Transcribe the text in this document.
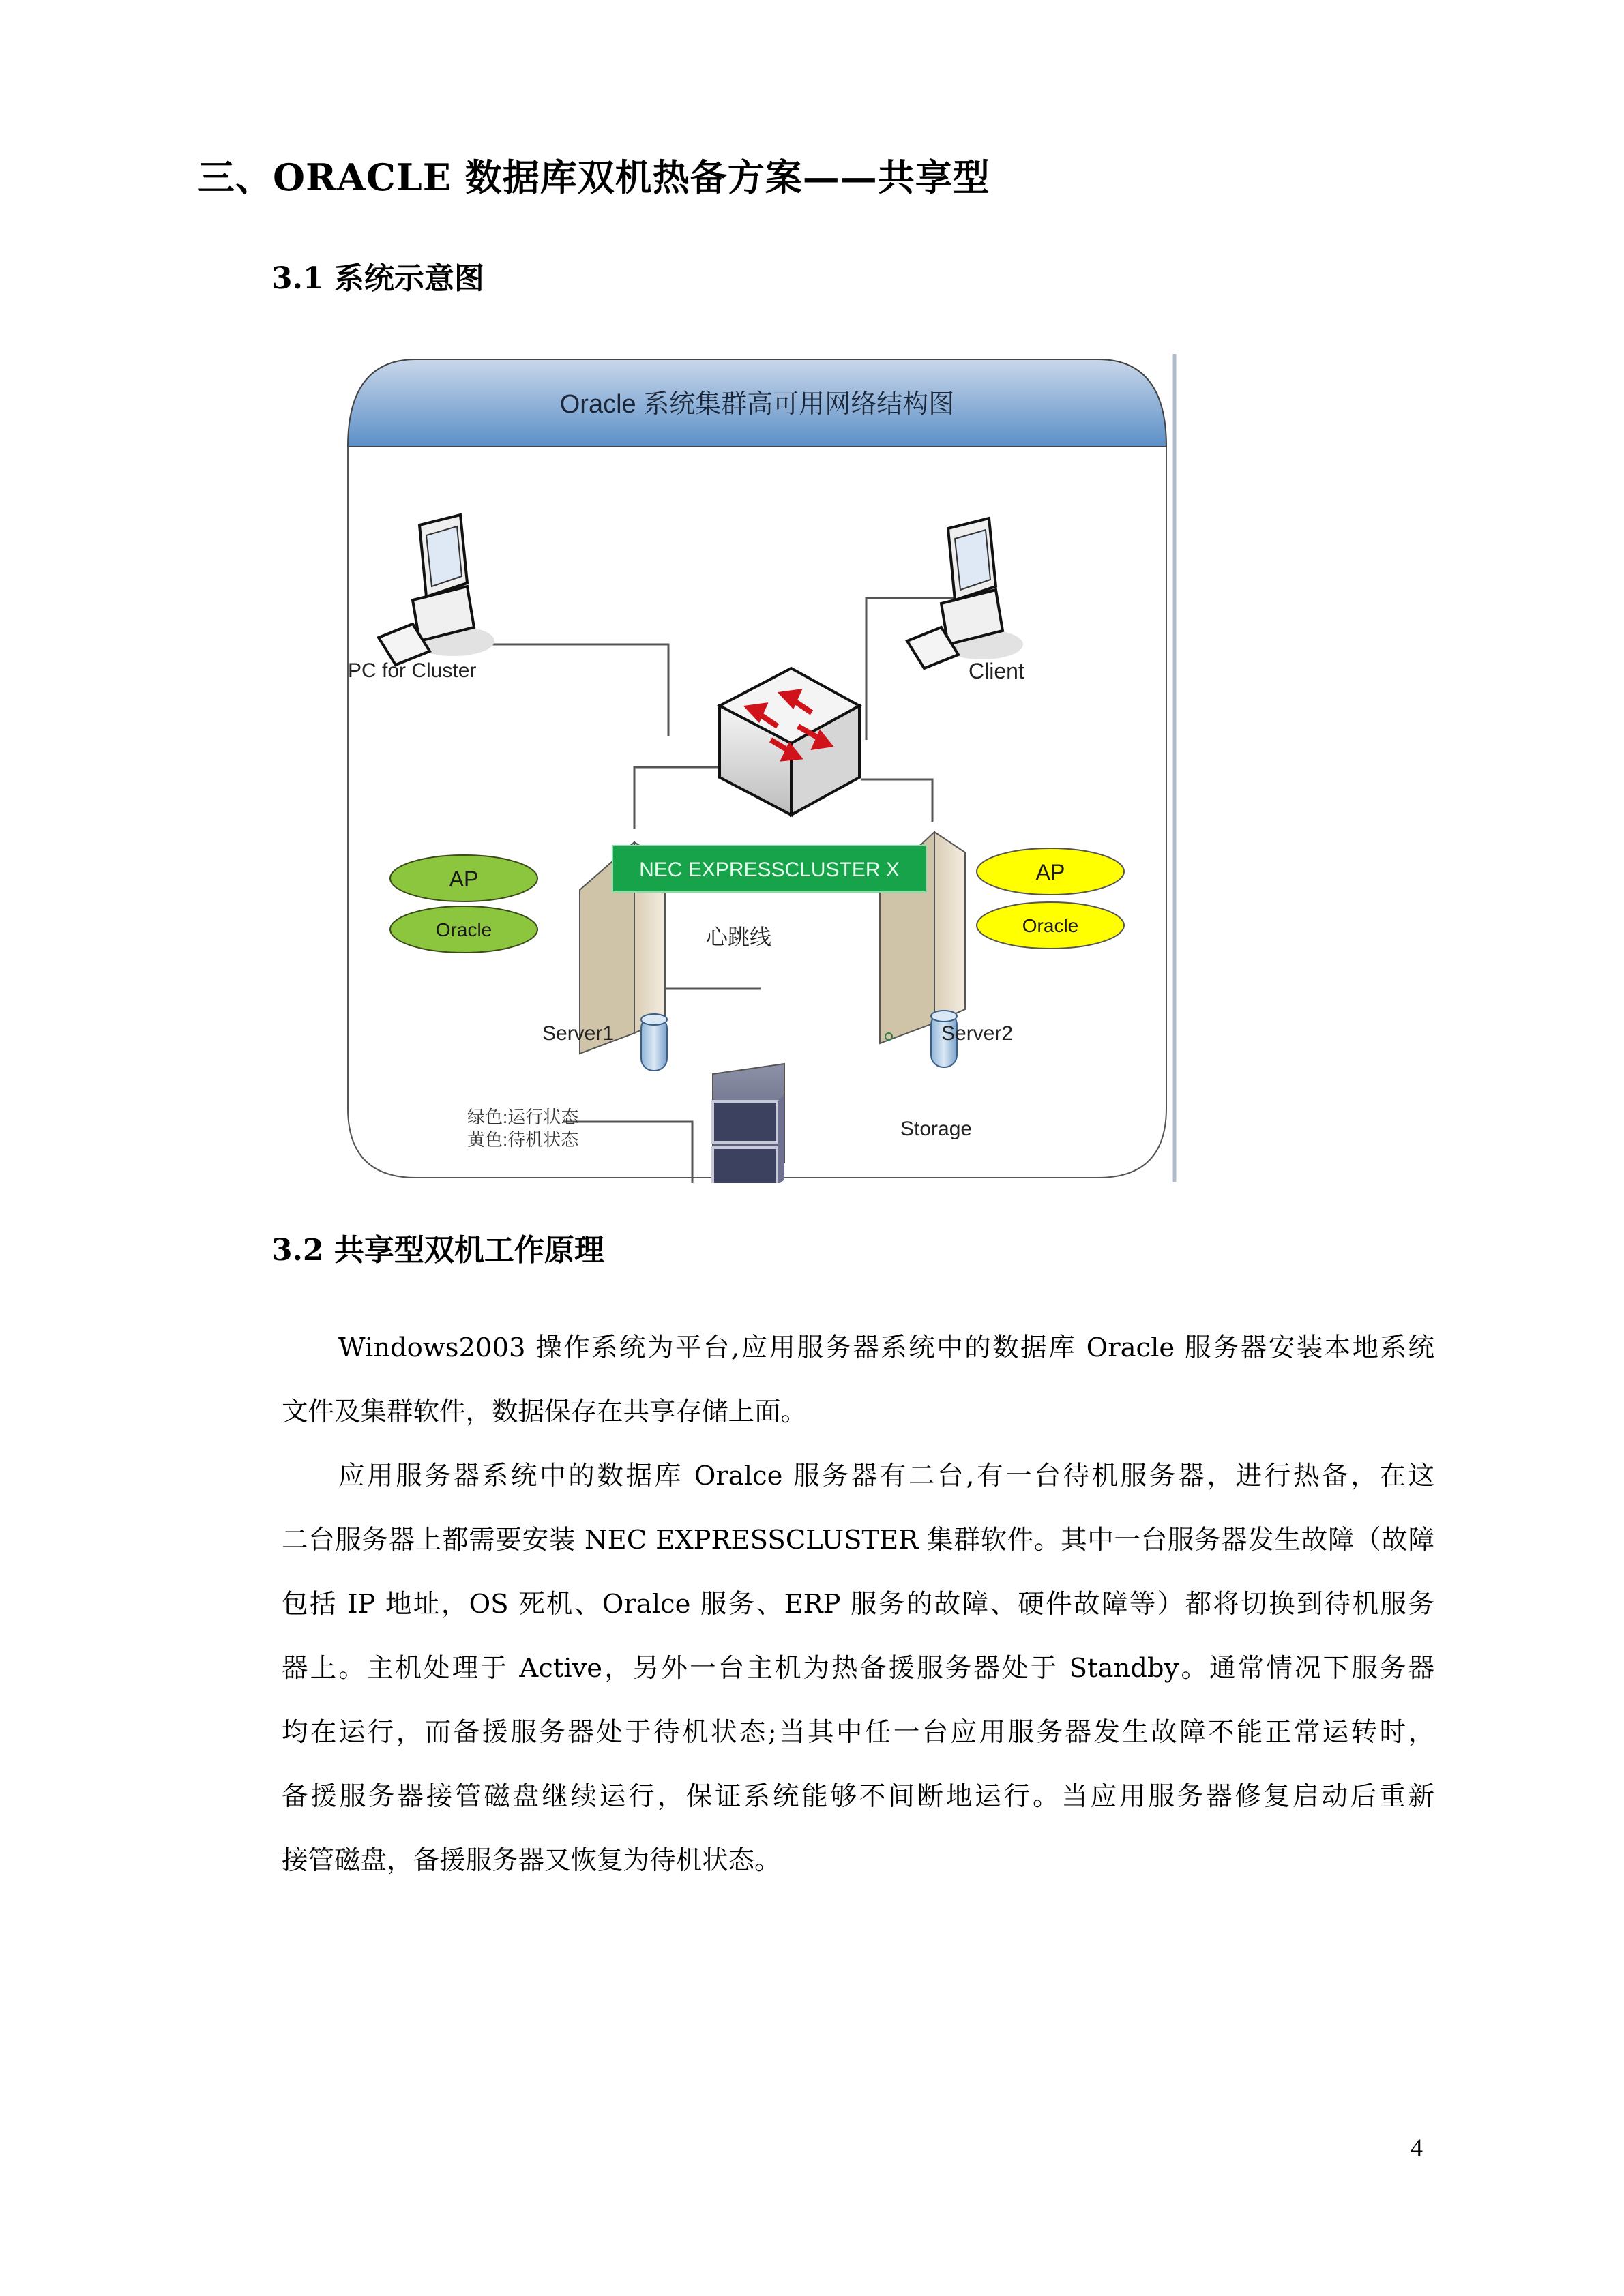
三、ORACLE 数据库双机热备方案——共享型
3.1 系统示意图
Oracle 系统集群高可用网络结构图
PC for Cluster	Client
NEC EXPRESSCLUSTER X
心跳线
AP
Oracle
AP
Oracle
Server1	Server2
Storage
绿色:运行状态
黄色:待机状态
3.2 共享型双机工作原理
Windows2003 操作系统为平台,应用服务器系统中的数据库 Oracle 服务器安装本地系统
文件及集群软件，数据保存在共享存储上面。
应用服务器系统中的数据库 Oralce 服务器有二台,有一台待机服务器，进行热备，在这
二台服务器上都需要安装 NEC EXPRESSCLUSTER 集群软件。其中一台服务器发生故障（故障
包括 IP 地址，OS 死机、Oralce 服务、ERP 服务的故障、硬件故障等）都将切换到待机服务
器上。主机处理于 Active，另外一台主机为热备援服务器处于 Standby。通常情况下服务器
均在运行，而备援服务器处于待机状态;当其中任一台应用服务器发生故障不能正常运转时，
备援服务器接管磁盘继续运行，保证系统能够不间断地运行。当应用服务器修复启动后重新
接管磁盘，备援服务器又恢复为待机状态。
4
